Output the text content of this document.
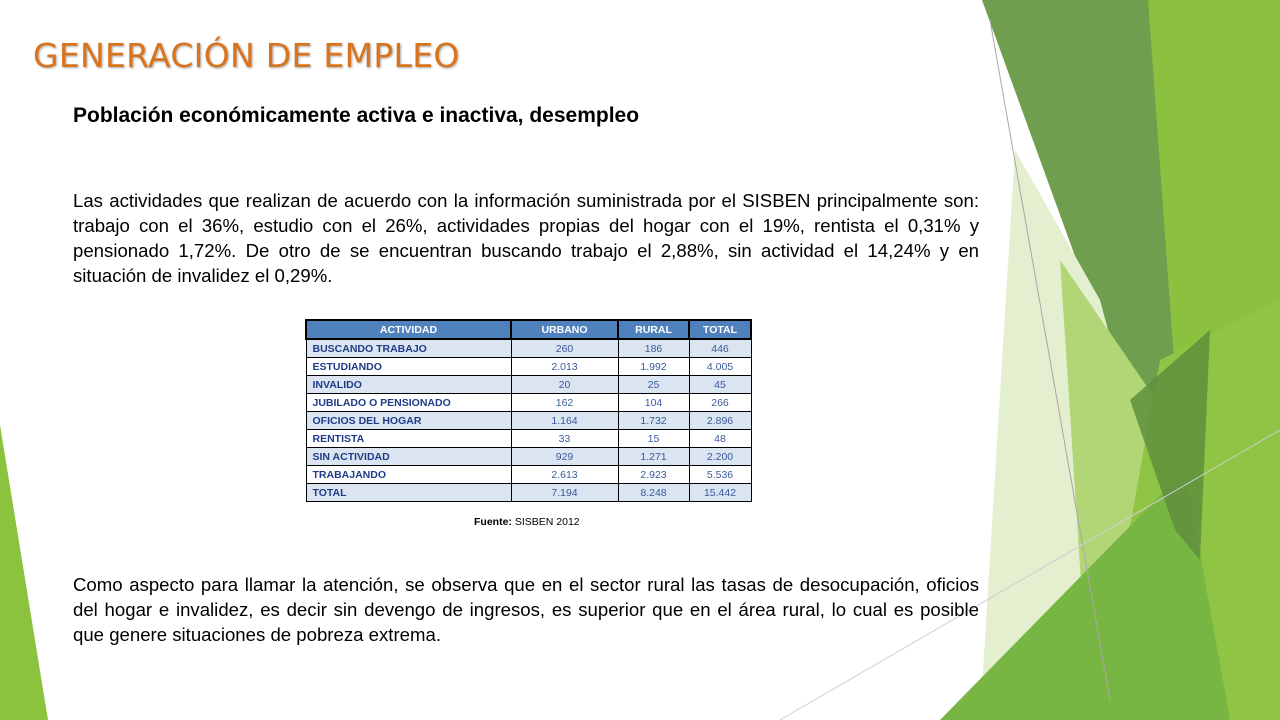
GENERACIÓN DE EMPLEO
Población económicamente activa e inactiva, desempleo

Las actividades que realizan de acuerdo con la información suministrada por el SISBEN principalmente son: trabajo con el 36%, estudio con el 26%, actividades propias del hogar con el 19%, rentista el 0,31% y pensionado 1,72%. De otro de se encuentran buscando trabajo el 2,88%, sin actividad el 14,24% y en situación de invalidez el 0,29%.

ACTIVIDAD	URBANO	RURAL	TOTAL
BUSCANDO TRABAJO	260	186	446
ESTUDIANDO	2.013	1.992	4.005
INVALIDO	20	25	45
JUBILADO O PENSIONADO	162	104	266
OFICIOS DEL HOGAR	1.164	1.732	2.896
RENTISTA	33	15	48
SIN ACTIVIDAD	929	1.271	2.200
TRABAJANDO	2.613	2.923	5.536
TOTAL	7.194	8.248	15.442
Fuente: SISBEN 2012

Como aspecto para llamar la atención, se observa que en el sector rural las tasas de desocupación, oficios del hogar e invalidez, es decir sin devengo de ingresos, es superior que en el área rural, lo cual es posible que genere situaciones de pobreza extrema.
